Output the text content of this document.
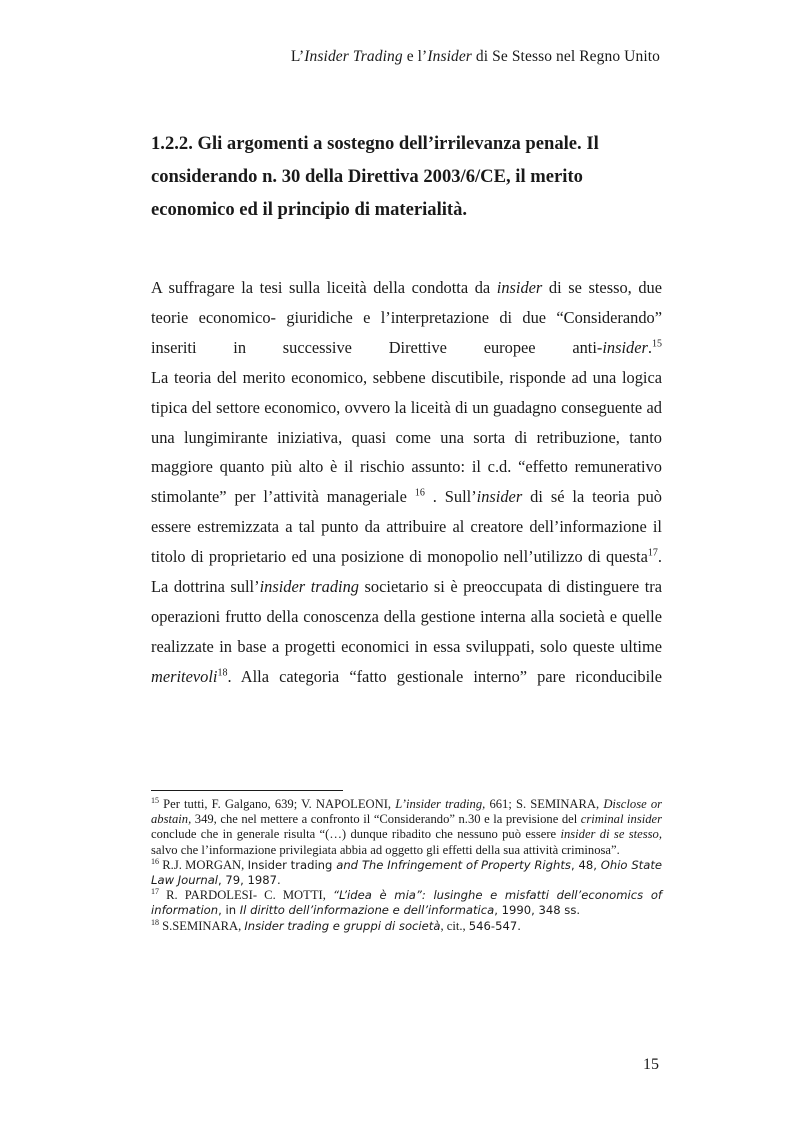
L’Insider Trading e l’Insider di Se Stesso nel Regno Unito
1.2.2. Gli argomenti a sostegno dell’irrilevanza penale. Il considerando n. 30 della Direttiva 2003/6/CE, il merito economico ed il principio di materialità.

A suffragare la tesi sulla liceità della condotta da insider di se stesso, due teorie economico- giuridiche e l’interpretazione di due “Considerando” inseriti in successive Direttive europee anti-insider.$^{15}$

La teoria del merito economico, sebbene discutibile, risponde ad una logica tipica del settore economico, ovvero la liceità di un guadagno conseguente ad una lungimirante iniziativa, quasi come una sorta di retribuzione, tanto maggiore quanto più alto è il rischio assunto: il c.d. “effetto remunerativo stimolante” per l’attività manageriale $^{16}$ . Sull’insider di sé la teoria può essere estremizzata a tal punto da attribuire al creatore dell’informazione il titolo di proprietario ed una posizione di monopolio nell’utilizzo di questa$^{17}$. La dottrina sull’insider trading societario si è preoccupata di distinguere tra operazioni frutto della conoscenza della gestione interna alla società e quelle realizzate in base a progetti economici in essa sviluppati, solo queste ultime meritevoli$^{18}$. Alla categoria “fatto gestionale interno” pare riconducibile

$^{15}$ Per tutti, F. Galgano, 639; V. NAPOLEONI, L’insider trading, 661; S. SEMINARA, Disclose or abstain, 349, che nel mettere a confronto il “Considerando” n.30 e la previsione del criminal insider conclude che in generale risulta “(…) dunque ribadito che nessuno può essere insider di se stesso, salvo che l’informazione privilegiata abbia ad oggetto gli effetti della sua attività criminosa”.

$^{16}$ R.J. MORGAN, Insider trading and The Infringement of Property Rights, 48, Ohio State Law Journal, 79, 1987.

$^{17}$ R. PARDOLESI- C. MOTTI, “L’idea è mia”: lusinghe e misfatti dell’economics of information, in Il diritto dell’informazione e dell’informatica, 1990, 348 ss.

$^{18}$ S.SEMINARA, Insider trading e gruppi di società, cit., 546-547.

15
